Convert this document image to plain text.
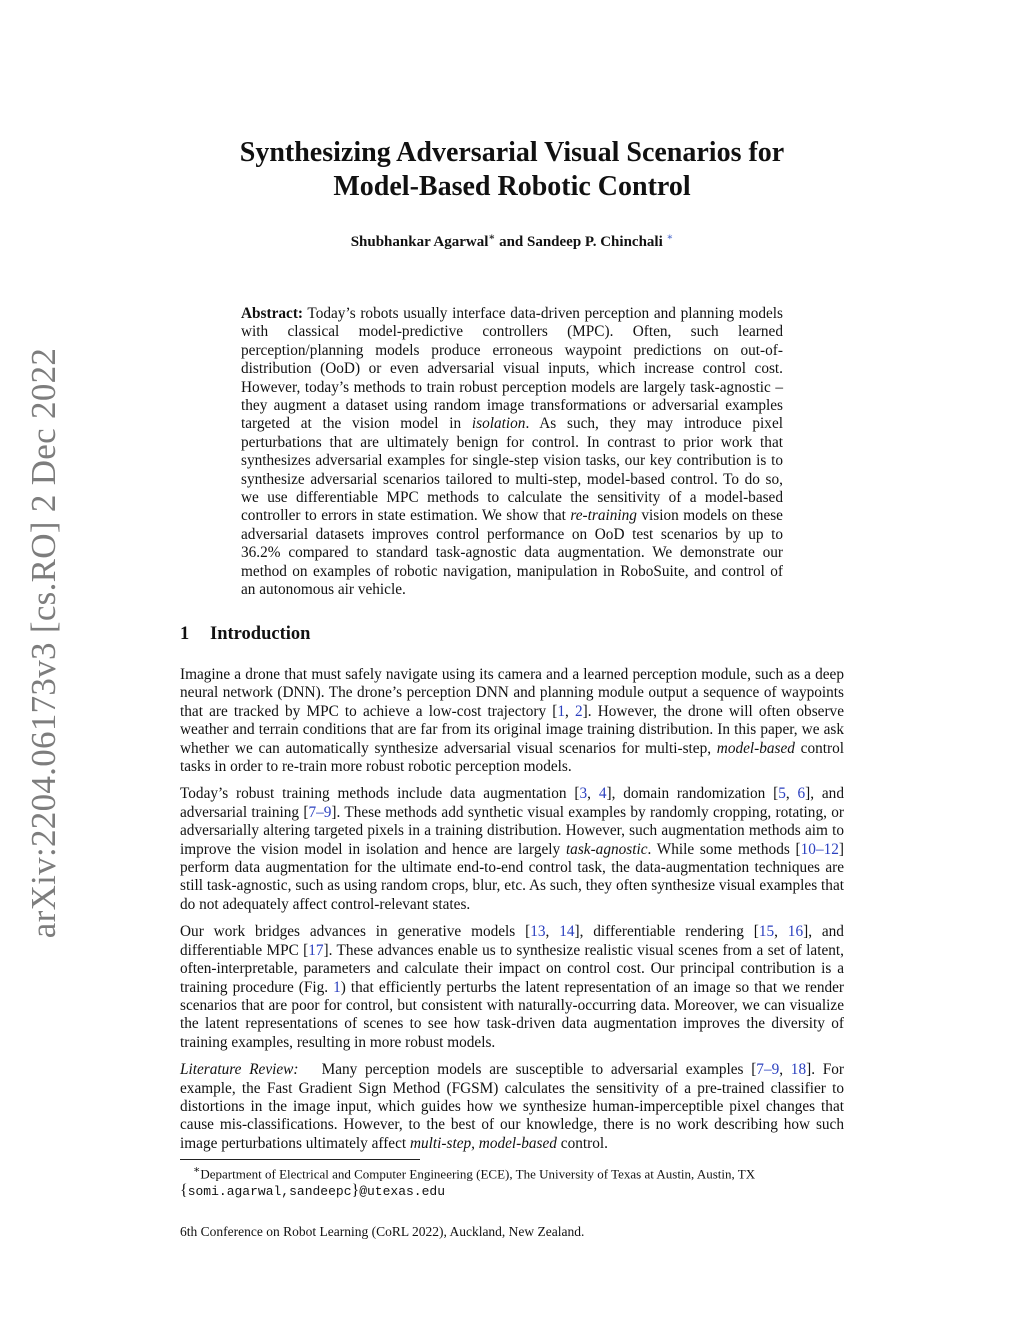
arXiv:2204.06173v3 [cs.RO] 2 Dec 2022
Synthesizing Adversarial Visual Scenarios for
Model-Based Robotic Control
Shubhankar Agarwal∗ and Sandeep P. Chinchali ∗
Abstract: Today’s robots usually interface data-driven perception and planning models with classical model-predictive controllers (MPC). Often, such learned perception/planning models produce erroneous waypoint predictions on out-of-distribution (OoD) or even adversarial visual inputs, which increase control cost. However, today’s methods to train robust perception models are largely task-agnostic – they augment a dataset using random image transformations or adversarial examples targeted at the vision model in isolation. As such, they may introduce pixel perturbations that are ultimately benign for control. In contrast to prior work that synthesizes adversarial examples for single-step vision tasks, our key contribution is to synthesize adversarial scenarios tailored to multi-step, model-based control. To do so, we use differentiable MPC methods to calculate the sensitivity of a model-based controller to errors in state estimation. We show that re-training vision models on these adversarial datasets improves control performance on OoD test scenarios by up to 36.2% compared to standard task-agnostic data augmentation. We demonstrate our method on examples of robotic navigation, manipulation in RoboSuite, and control of an autonomous air vehicle.
1 Introduction

Imagine a drone that must safely navigate using its camera and a learned perception module, such as a deep neural network (DNN). The drone’s perception DNN and planning module output a sequence of waypoints that are tracked by MPC to achieve a low-cost trajectory [1, 2]. However, the drone will often observe weather and terrain conditions that are far from its original image training distribution. In this paper, we ask whether we can automatically synthesize adversarial visual scenarios for multi-step, model-based control tasks in order to re-train more robust robotic perception models.

Today’s robust training methods include data augmentation [3, 4], domain randomization [5, 6], and adversarial training [7–9]. These methods add synthetic visual examples by randomly cropping, rotating, or adversarially altering targeted pixels in a training distribution. However, such augmentation methods aim to improve the vision model in isolation and hence are largely task-agnostic. While some methods [10–12] perform data augmentation for the ultimate end-to-end control task, the data-augmentation techniques are still task-agnostic, such as using random crops, blur, etc. As such, they often synthesize visual examples that do not adequately affect control-relevant states.

Our work bridges advances in generative models [13, 14], differentiable rendering [15, 16], and differentiable MPC [17]. These advances enable us to synthesize realistic visual scenes from a set of latent, often-interpretable, parameters and calculate their impact on control cost. Our principal contribution is a training procedure (Fig. 1) that efficiently perturbs the latent representation of an image so that we render scenarios that are poor for control, but consistent with naturally-occurring data. Moreover, we can visualize the latent representations of scenes to see how task-driven data augmentation improves the diversity of training examples, resulting in more robust models.

Literature Review:   Many perception models are susceptible to adversarial examples [7–9, 18]. For example, the Fast Gradient Sign Method (FGSM) calculates the sensitivity of a pre-trained classifier to distortions in the image input, which guides how we synthesize human-imperceptible pixel changes that cause mis-classifications. However, to the best of our knowledge, there is no work describing how such image perturbations ultimately affect multi-step, model-based control.

∗Department of Electrical and Computer Engineering (ECE), The University of Texas at Austin, Austin, TX
{somi.agarwal,sandeepc}@utexas.edu
6th Conference on Robot Learning (CoRL 2022), Auckland, New Zealand.
